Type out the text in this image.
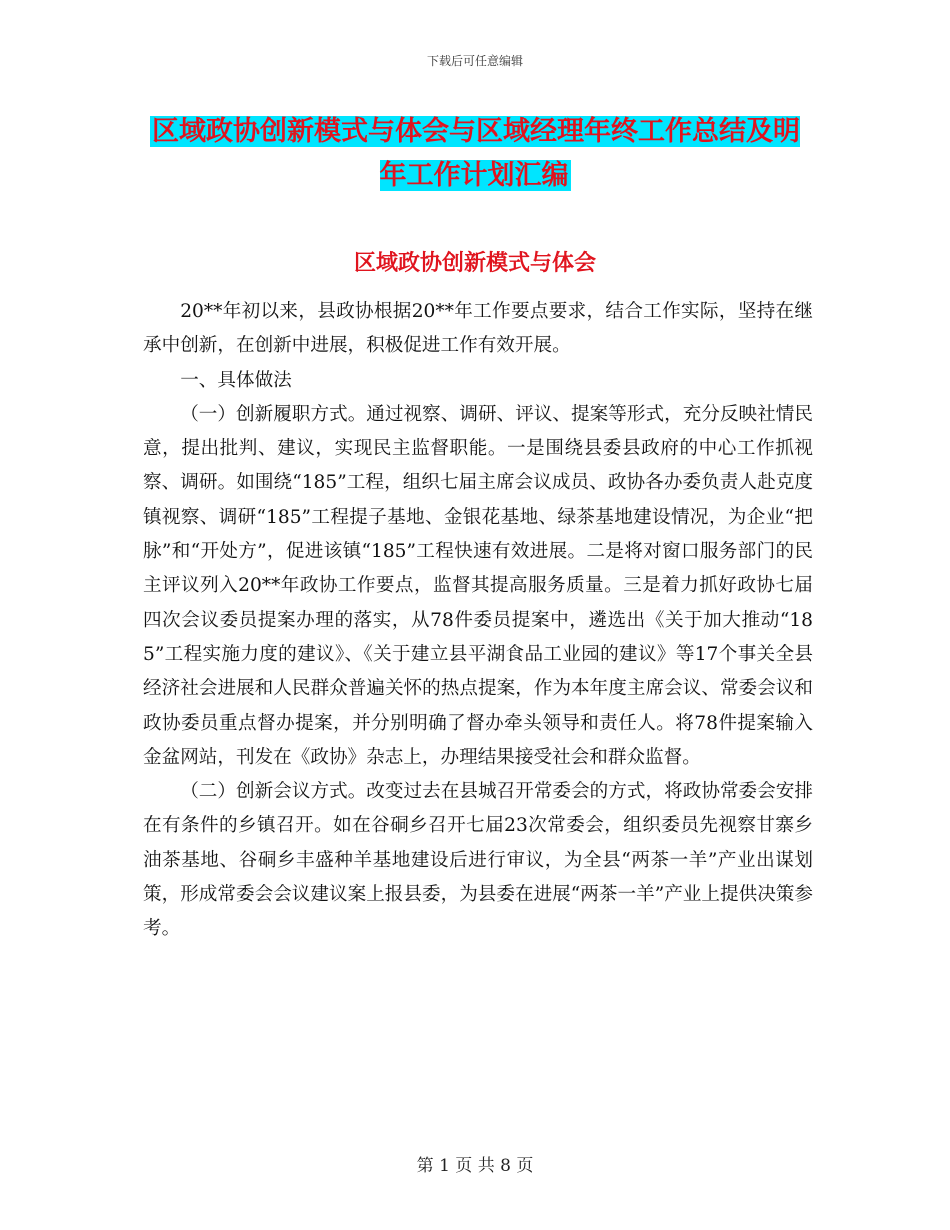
下载后可任意编辑
区域政协创新模式与体会与区域经理年终工作总结及明年工作计划汇编
区域政协创新模式与体会

20**年初以来，县政协根据20**年工作要点要求，结合工作实际，坚持在继承中创新，在创新中进展，积极促进工作有效开展。

一、具体做法

（一）创新履职方式。通过视察、调研、评议、提案等形式，充分反映社情民意，提出批判、建议，实现民主监督职能。一是围绕县委县政府的中心工作抓视察、调研。如围绕“185”工程，组织七届主席会议成员、政协各办委负责人赴克度镇视察、调研“185”工程提子基地、金银花基地、绿茶基地建设情况，为企业“把脉”和“开处方”，促进该镇“185”工程快速有效进展。二是将对窗口服务部门的民主评议列入20**年政协工作要点，监督其提高服务质量。三是着力抓好政协七届四次会议委员提案办理的落实，从78件委员提案中，遴选出《关于加大推动“185”工程实施力度的建议》、《关于建立县平湖食品工业园的建议》等17个事关全县经济社会进展和人民群众普遍关怀的热点提案，作为本年度主席会议、常委会议和政协委员重点督办提案，并分别明确了督办牵头领导和责任人。将78件提案输入金盆网站，刊发在《政协》杂志上，办理结果接受社会和群众监督。

（二）创新会议方式。改变过去在县城召开常委会的方式，将政协常委会安排在有条件的乡镇召开。如在谷硐乡召开七届23次常委会，组织委员先视察甘寨乡油茶基地、谷硐乡丰盛种羊基地建设后进行审议，为全县“两茶一羊”产业出谋划策，形成常委会会议建议案上报县委，为县委在进展“两茶一羊”产业上提供决策参考。

第 1 页 共 8 页
